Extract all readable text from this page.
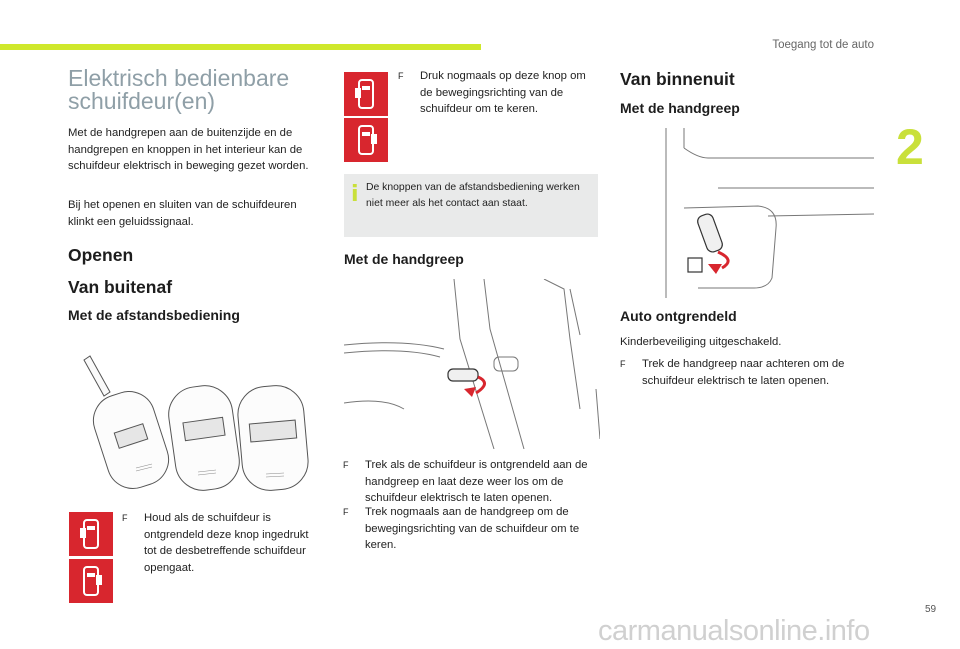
Toegang tot de auto
2
59
carmanualsonline.info
Elektrisch bedienbare
schuifdeur(en)

Met de handgrepen aan de buitenzijde en de handgrepen en knoppen in het interieur kan de schuifdeur elektrisch in beweging gezet worden.

Bij het openen en sluiten van de schuifdeuren klinkt een geluidssignaal.

Openen
Van buitenaf
Met de afstandsbediening
F	Houd als de schuifdeur is ontgrendeld deze knop ingedrukt tot de desbetreffende schuifdeur opengaat.
F	Druk nogmaals op deze knop om de bewegingsrichting van de schuifdeur om te keren.
i De knoppen van de afstandsbediening werken niet meer als het contact aan staat.
Met de handgreep
F	Trek als de schuifdeur is ontgrendeld aan de handgreep en laat deze weer los om de schuifdeur elektrisch te laten openen.
F	Trek nogmaals aan de handgreep om de bewegingsrichting van de schuifdeur om te keren.
Van binnenuit
Met de handgreep
Auto ontgrendeld

Kinderbeveiliging uitgeschakeld.

F	Trek de handgreep naar achteren om de schuifdeur elektrisch te laten openen.
